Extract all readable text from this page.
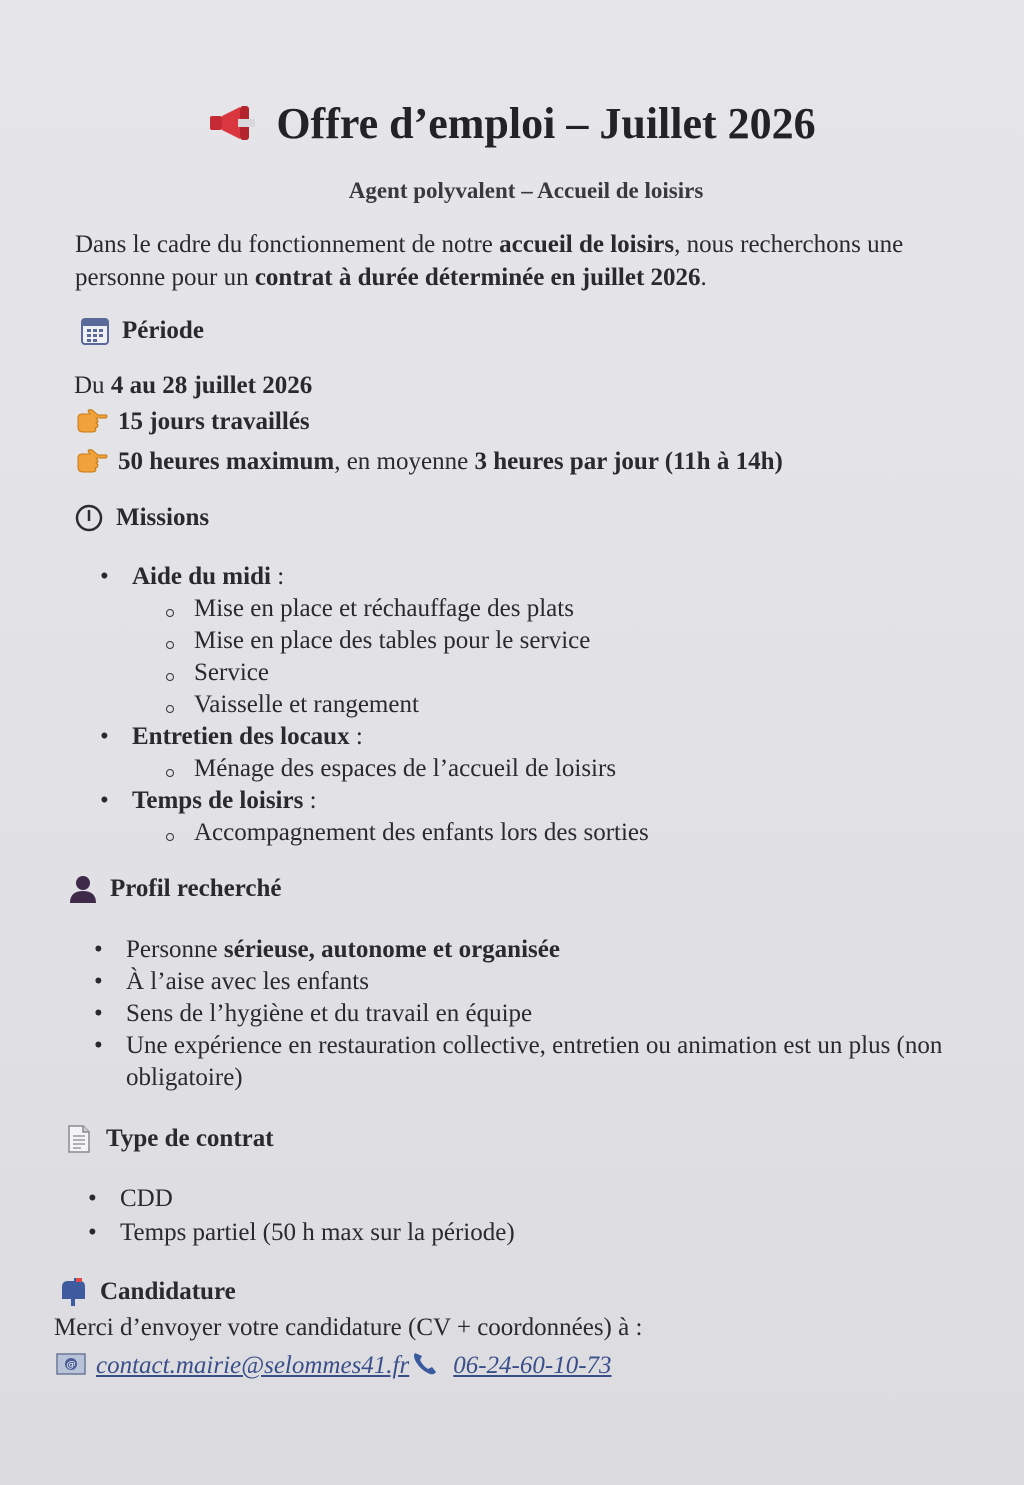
Offre d’emploi – Juillet 2026
Agent polyvalent – Accueil de loisirs
Dans le cadre du fonctionnement de notre accueil de loisirs, nous recherchons une personne pour un contrat à durée déterminée en juillet 2026.
Période
Du 4 au 28 juillet 2026
15 jours travaillés
50 heures maximum, en moyenne 3 heures par jour (11h à 14h)
Missions
• Aide du midi :
Mise en place et réchauffage des plats
Mise en place des tables pour le service
Service
Vaisselle et rangement
• Entretien des locaux :
Ménage des espaces de l’accueil de loisirs
• Temps de loisirs :
Accompagnement des enfants lors des sorties
Profil recherché
• Personne sérieuse, autonome et organisée
• À l’aise avec les enfants
• Sens de l’hygiène et du travail en équipe
• Une expérience en restauration collective, entretien ou animation est un plus (non obligatoire)
Type de contrat
• CDD
• Temps partiel (50 h max sur la période)
Candidature
Merci d’envoyer votre candidature (CV + coordonnées) à :
@ contact.mairie@selommes41.fr 06-24-60-10-73
